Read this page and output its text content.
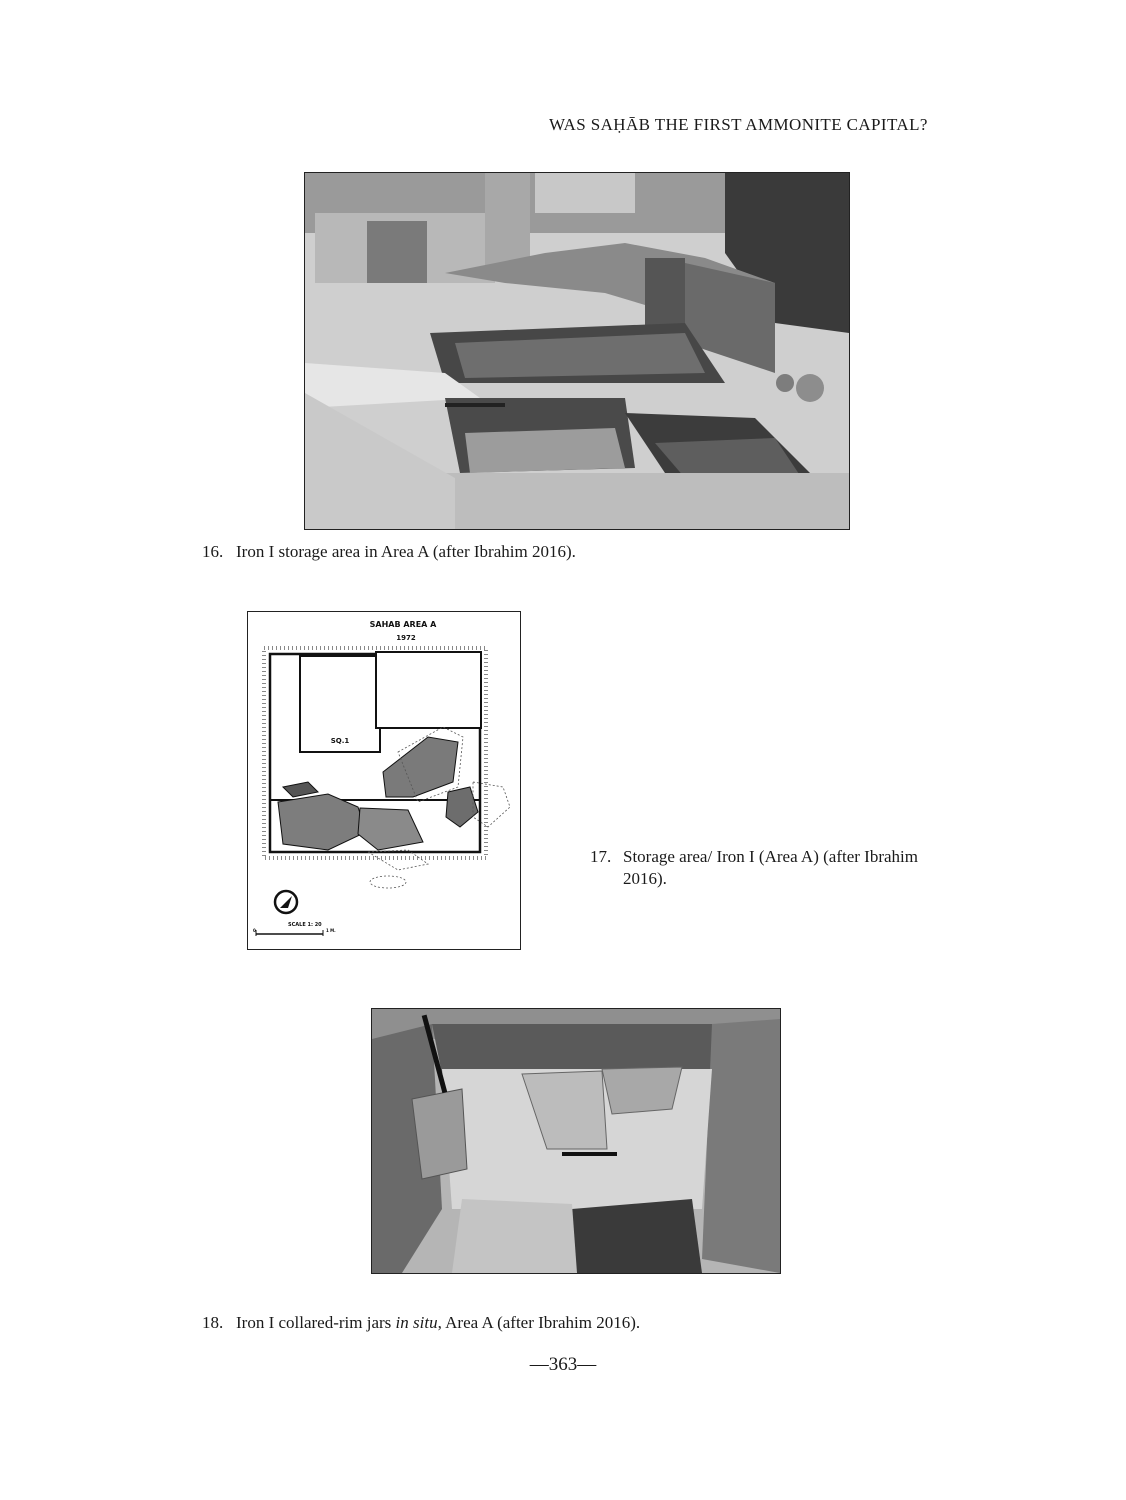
WAS SAḤĀB THE FIRST AMMONITE CAPITAL?
16. Iron I storage area in Area A (after Ibrahim 2016).
SAHAB AREA A
1972
SQ.1
SCALE 1: 20
0	1 M.
17. Storage area/ Iron I (Area A) (after Ibrahim 2016).
18. Iron I collared-rim jars in situ, Area A (after Ibrahim 2016).
—363—
